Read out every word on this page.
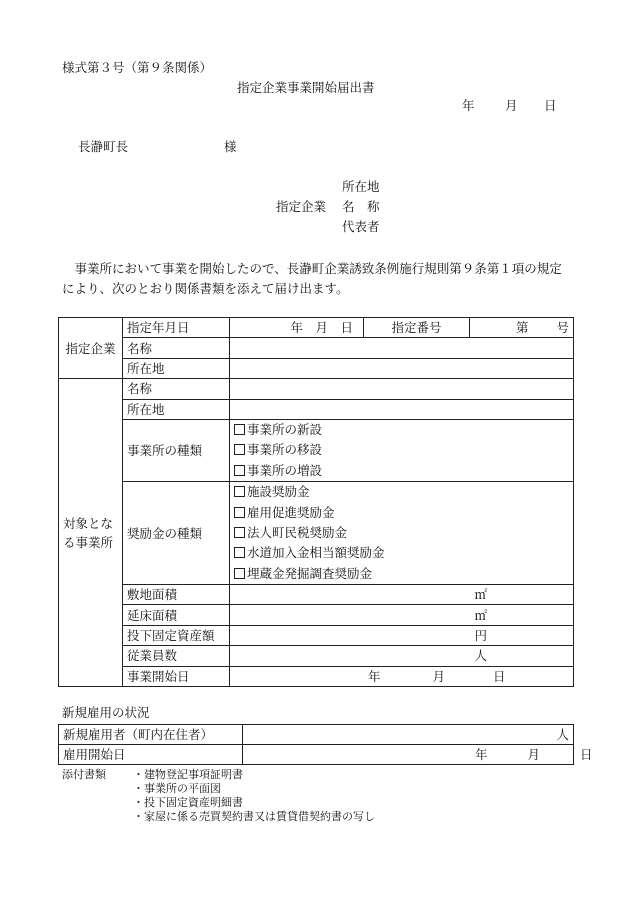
様式第３号（第９条関係）
指定企業事業開始届出書
年 月 日
長瀞町長	様
所在地
指定企業 名　称
代表者
　事業所において事業を開始したので、長瀞町企業誘致条例施行規則第９条第１項の規定により、次のとおり関係書類を添えて届け出ます。
指定企業	指定年月日	年　月　日	指定番号	第 号

	名称			
	所在地			

対象とな
る事業所	名称			
	所在地			
	事業所の種類	事業所の新設
事業所の移設
事業所の増設		

	奨励金の種類	施設奨励金
雇用促進奨励金
法人町民税奨励金
水道加入金相当額奨励金
埋蔵金発掘調査奨励金		

	敷地面積	㎡		
	延床面積	㎡		
	投下固定資産額	円		
	従業員数	人		
	事業開始日	年 月 日		
新規雇用の状況
新規雇用者（町内在住者）	人
雇用開始日	年 月 日
添付書類 ・建物登記事項証明書
・事業所の平面図
・投下固定資産明細書
・家屋に係る売買契約書又は賃貸借契約書の写し
